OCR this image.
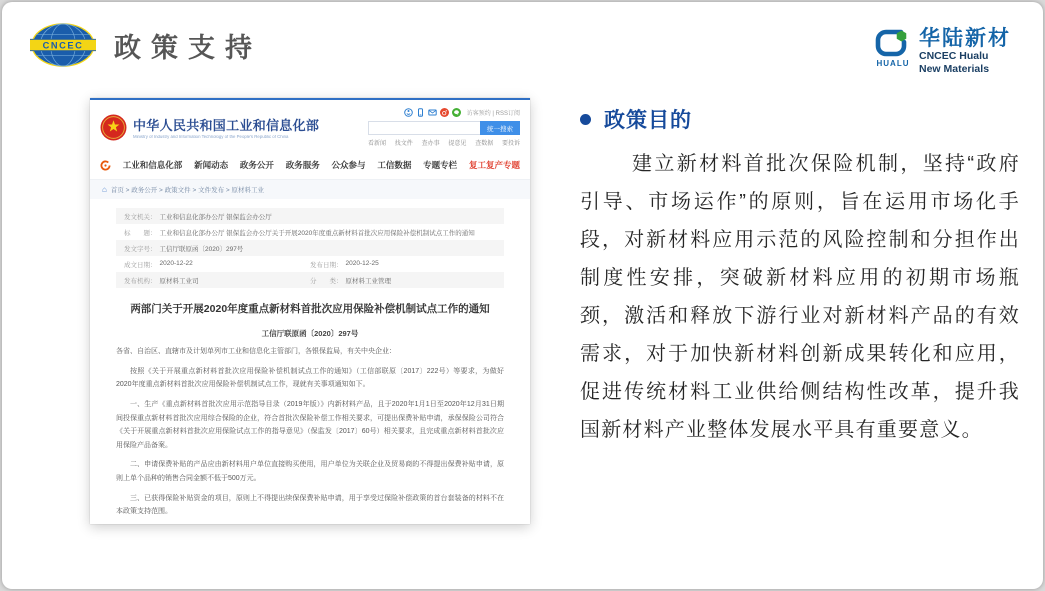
CNCEC 政策支持	HUALU
华陆新材
CNCEC Hualu
New Materials
中华人民共和国工业和信息化部
Ministry of Industry and Information Technology of the People's Republic of China
访客预约 | RSS订阅
统一搜索
看新闻 找文件 查办事 提意见 查数据 要投诉
工业和信息化部 新闻动态 政务公开 政务服务 公众参与 工信数据 专题专栏 复工复产专题
⌂
首页 > 政务公开 > 政策文件 > 文件发布 > 原材料工业
发文机关： 工业和信息化部办公厅 银保监会办公厅
标　　题： 工业和信息化部办公厅 银保监会办公厅关于开展2020年度重点新材料首批次应用保险补偿机制试点工作的通知
发文字号： 工信厅联原函〔2020〕297号
成文日期： 2020-12-22	发布日期： 2020-12-25
发布机构： 原材料工业司	分　　类： 原材料工业管理
两部门关于开展2020年度重点新材料首批次应用保险补偿机制试点工作的通知
工信厅联原函〔2020〕297号

各省、自治区、直辖市及计划单列市工业和信息化主管部门，各银保监局，有关中央企业：

按照《关于开展重点新材料首批次应用保险补偿机制试点工作的通知》（工信部联原〔2017〕222号）等要求，为做好2020年度重点新材料首批次应用保险补偿机制试点工作，现就有关事项通知如下。

一、生产《重点新材料首批次应用示范指导目录（2019年版）》内新材料产品，且于2020年1月1日至2020年12月31日期间投保重点新材料首批次应用综合保险的企业，符合首批次保险补偿工作相关要求，可提出保费补贴申请，承保保险公司符合《关于开展重点新材料首批次应用保险试点工作的指导意见》（保监发〔2017〕60号）相关要求，且完成重点新材料首批次应用保险产品备案。

二、申请保费补贴的产品应由新材料用户单位直接购买使用，用户单位为关联企业及贸易商的不得提出保费补贴申请，原则上单个品种的销售合同金额不低于500万元。

三、已获得保险补贴资金的项目，原则上不得提出续保保费补贴申请，用于享受过保险补偿政策的首台套装备的材料不在本政策支持范围。

政策目的

建立新材料首批次保险机制，坚持“政府引导、市场运作”的原则，旨在运用市场化手段，对新材料应用示范的风险控制和分担作出制度性安排，突破新材料应用的初期市场瓶颈，激活和释放下游行业对新材料产品的有效需求，对于加快新材料创新成果转化和应用，促进传统材料工业供给侧结构性改革，提升我国新材料产业整体发展水平具有重要意义。
